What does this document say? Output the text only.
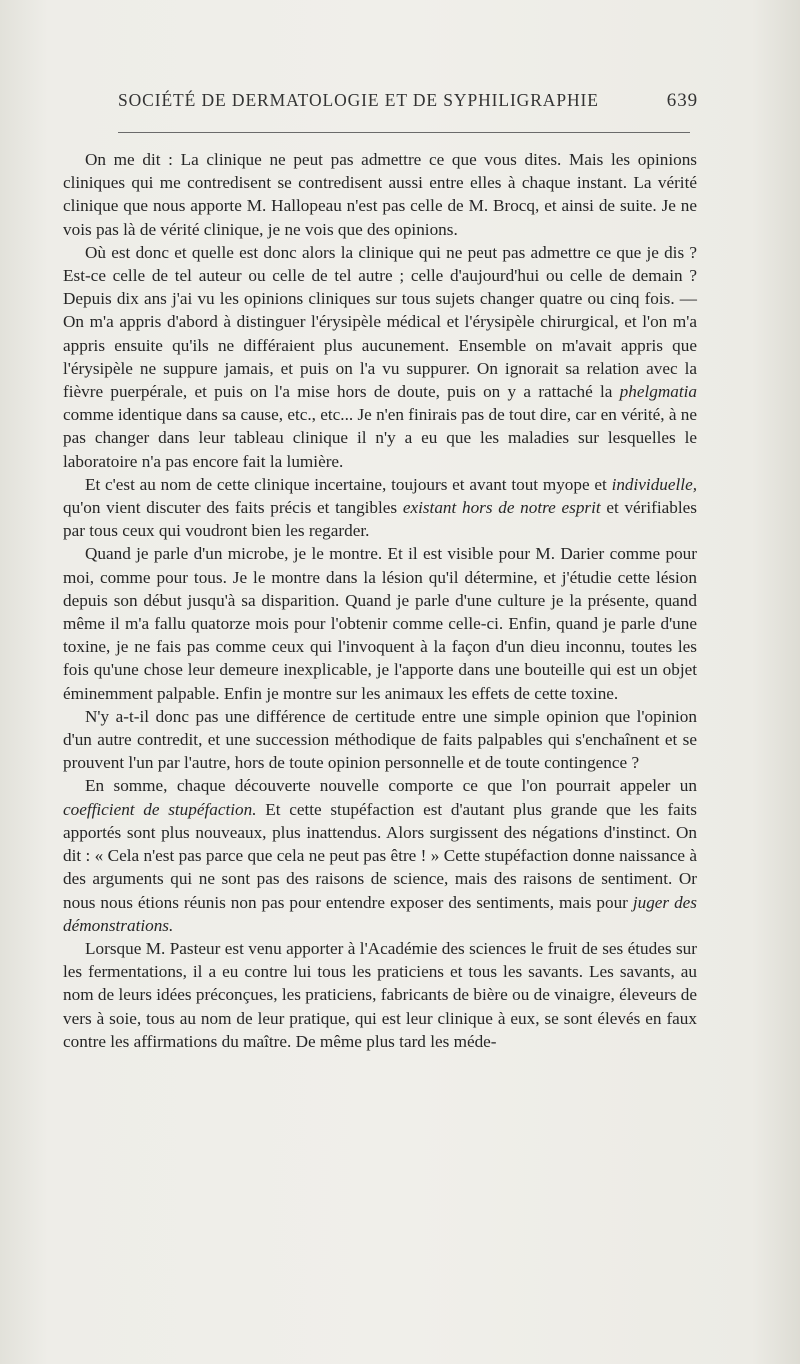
SOCIÉTÉ DE DERMATOLOGIE ET DE SYPHILIGRAPHIE	639

On me dit : La clinique ne peut pas admettre ce que vous dites. Mais les opinions cliniques qui me contredisent se contredisent aussi entre elles à chaque instant. La vérité clinique que nous apporte M. Hallopeau n'est pas celle de M. Brocq, et ainsi de suite. Je ne vois pas là de vérité clinique, je ne vois que des opinions.

Où est donc et quelle est donc alors la clinique qui ne peut pas admettre ce que je dis ? Est-ce celle de tel auteur ou celle de tel autre ; celle d'aujourd'hui ou celle de demain ? Depuis dix ans j'ai vu les opinions cliniques sur tous sujets changer quatre ou cinq fois. — On m'a appris d'abord à distinguer l'érysipèle médical et l'érysipèle chirurgical, et l'on m'a appris ensuite qu'ils ne différaient plus aucunement. Ensemble on m'avait appris que l'érysipèle ne suppure jamais, et puis on l'a vu suppurer. On ignorait sa relation avec la fièvre puerpérale, et puis on l'a mise hors de doute, puis on y a rattaché la phelgmatia comme identique dans sa cause, etc., etc... Je n'en finirais pas de tout dire, car en vérité, à ne pas changer dans leur tableau clinique il n'y a eu que les maladies sur lesquelles le laboratoire n'a pas encore fait la lumière.

Et c'est au nom de cette clinique incertaine, toujours et avant tout myope et individuelle, qu'on vient discuter des faits précis et tangibles existant hors de notre esprit et vérifiables par tous ceux qui voudront bien les regarder.

Quand je parle d'un microbe, je le montre. Et il est visible pour M. Darier comme pour moi, comme pour tous. Je le montre dans la lésion qu'il détermine, et j'étudie cette lésion depuis son début jusqu'à sa disparition. Quand je parle d'une culture je la présente, quand même il m'a fallu quatorze mois pour l'obtenir comme celle-ci. Enfin, quand je parle d'une toxine, je ne fais pas comme ceux qui l'invoquent à la façon d'un dieu inconnu, toutes les fois qu'une chose leur demeure inexplicable, je l'apporte dans une bouteille qui est un objet éminemment palpable. Enfin je montre sur les animaux les effets de cette toxine.

N'y a-t-il donc pas une différence de certitude entre une simple opinion que l'opinion d'un autre contredit, et une succession méthodique de faits palpables qui s'enchaînent et se prouvent l'un par l'autre, hors de toute opinion personnelle et de toute contingence ?

En somme, chaque découverte nouvelle comporte ce que l'on pourrait appeler un coefficient de stupéfaction. Et cette stupéfaction est d'autant plus grande que les faits apportés sont plus nouveaux, plus inattendus. Alors surgissent des négations d'instinct. On dit : « Cela n'est pas parce que cela ne peut pas être ! » Cette stupéfaction donne naissance à des arguments qui ne sont pas des raisons de science, mais des raisons de sentiment. Or nous nous étions réunis non pas pour entendre exposer des sentiments, mais pour juger des démonstrations.

Lorsque M. Pasteur est venu apporter à l'Académie des sciences le fruit de ses études sur les fermentations, il a eu contre lui tous les praticiens et tous les savants. Les savants, au nom de leurs idées préconçues, les praticiens, fabricants de bière ou de vinaigre, éleveurs de vers à soie, tous au nom de leur pratique, qui est leur clinique à eux, se sont élevés en faux contre les affirmations du maître. De même plus tard les méde-
